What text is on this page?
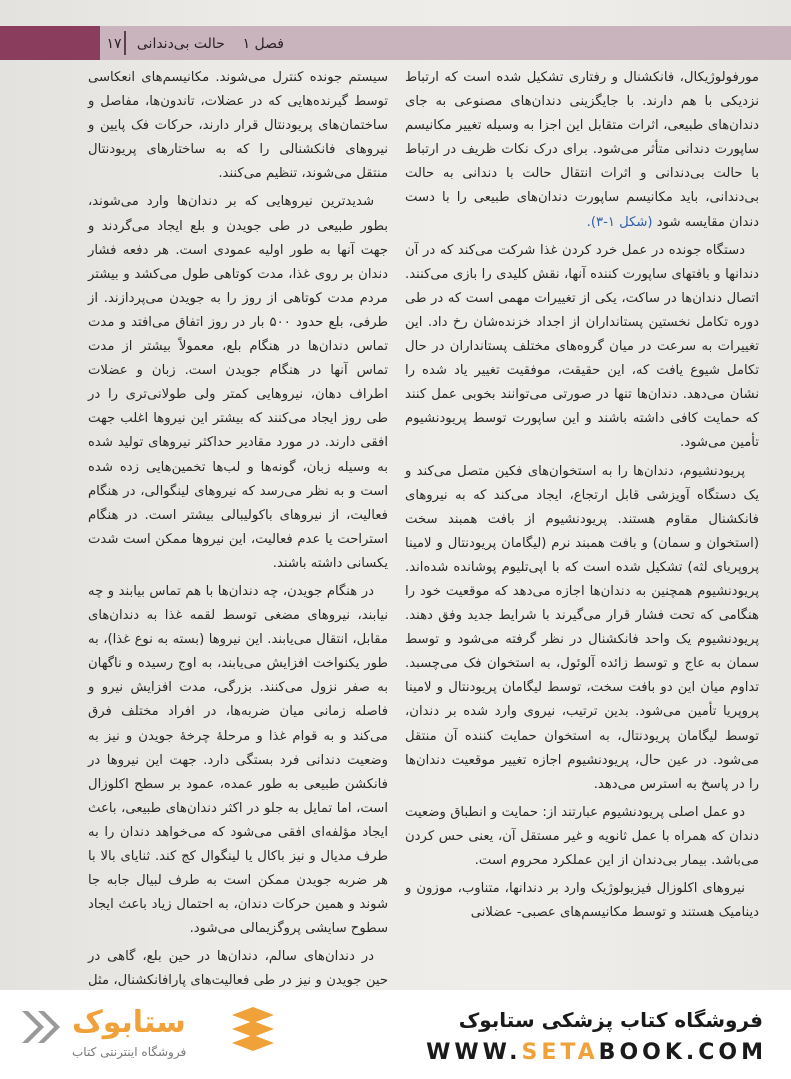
۱۷	فصل ۱    حالت بی‌دندانی

مورفولوژیکال، فانکشنال و رفتاری تشکیل شده است که ارتباط نزدیکی با هم دارند. با جایگزینی دندان‌های مصنوعی به جای دندان‌های طبیعی، اثرات متقابل این اجزا به وسیله تغییر مکانیسم ساپورت دندانی متأثر می‌شود. برای درک نکات ظریف در ارتباط با حالت بی‌دندانی و اثرات انتقال حالت با دندانی به حالت بی‌دندانی، باید مکانیسم ساپورت دندان‌های طبیعی را با دست دندان مقایسه شود (شکل ۱-۳).

دستگاه جونده در عمل خرد کردن غذا شرکت می‌کند که در آن دندانها و بافتهای ساپورت کننده آنها، نقش کلیدی را بازی می‌کنند. اتصال دندان‌ها در ساکت، یکی از تغییرات مهمی است که در طی دوره تکامل نخستین پستانداران از اجداد خزنده‌شان رخ داد. این تغییرات به سرعت در میان گروه‌های مختلف پستانداران در حال تکامل شیوع یافت که، این حقیقت، موفقیت تغییر یاد شده را نشان می‌دهد. دندان‌ها تنها در صورتی می‌توانند بخوبی عمل کنند که حمایت کافی داشته باشند و این ساپورت توسط پریودنشیوم تأمین می‌شود.

پریودنشیوم، دندان‌ها را به استخوان‌های فکین متصل می‌کند و یک دستگاه آویزشی قابل ارتجاع، ایجاد می‌کند که به نیروهای فانکشنال مقاوم هستند. پریودنشیوم از بافت همبند سخت (استخوان و سمان) و بافت همبند نرم (لیگامان پریودنتال و لامینا پروپریای لثه) تشکیل شده است که با اپی‌تلیوم پوشانده شده‌اند. پریودنشیوم همچنین به دندان‌ها اجازه می‌دهد که موقعیت خود را هنگامی که تحت فشار قرار می‌گیرند با شرایط جدید وفق دهند. پریودنشیوم یک واحد فانکشنال در نظر گرفته می‌شود و توسط سمان به عاج و توسط زائده آلوئول، به استخوان فک می‌چسبد. تداوم میان این دو بافت سخت، توسط لیگامان پریودنتال و لامینا پروپریا تأمین می‌شود. بدین ترتیب، نیروی وارد شده بر دندان، توسط لیگامان پریودنتال، به استخوان حمایت کننده آن منتقل می‌شود. در عین حال، پریودنشیوم اجازه تغییر موقعیت دندان‌ها را در پاسخ به استرس می‌دهد.

دو عمل اصلی پریودنشیوم عبارتند از: حمایت و انطباق وضعیت دندان که همراه با عمل ثانویه و غیر مستقل آن، یعنی حس کردن می‌باشد. بیمار بی‌دندان از این عملکرد محروم است.

نیروهای اکلوزال فیزیولوژیک وارد بر دندانها، متناوب، موزون و دینامیک هستند و توسط مکانیسم‌های عصبی- عضلانی

سیستم جونده کنترل می‌شوند. مکانیسم‌های انعکاسی توسط گیرنده‌هایی که در عضلات، تاندون‌ها، مفاصل و ساختمان‌های پریودنتال قرار دارند، حرکات فک پایین و نیروهای فانکشنالی را که به ساختارهای پریودنتال منتقل می‌شوند، تنظیم می‌کنند.

شدیدترین نیروهایی که بر دندان‌ها وارد می‌شوند، بطور طبیعی در طی جویدن و بلع ایجاد می‌گردند و جهت آنها به طور اولیه عمودی است. هر دفعه فشار دندان بر روی غذا، مدت کوتاهی طول می‌کشد و بیشتر مردم مدت کوتاهی از روز را به جویدن می‌پردازند. از طرفی، بلع حدود ۵۰۰ بار در روز اتفاق می‌افتد و مدت تماس دندان‌ها در هنگام بلع، معمولاً بیشتر از مدت تماس آنها در هنگام جویدن است. زبان و عضلات اطراف دهان، نیروهایی کمتر ولی طولانی‌تری را در طی روز ایجاد می‌کنند که بیشتر این نیروها اغلب جهت افقی دارند. در مورد مقادیر حداکثر نیروهای تولید شده به وسیله زبان، گونه‌ها و لب‌ها تخمین‌هایی زده شده است و به نظر می‌رسد که نیروهای لینگوالی، در هنگام فعالیت، از نیروهای باکولیبالی بیشتر است. در هنگام استراحت یا عدم فعالیت، این نیروها ممکن است شدت یکسانی داشته باشند.

در هنگام جویدن، چه دندان‌ها با هم تماس بیابند و چه نیابند، نیروهای مضغی توسط لقمه غذا به دندان‌های مقابل، انتقال می‌یابند. این نیروها (بسته به نوع غذا)، به طور یکنواخت افزایش می‌یابند، به اوج رسیده و ناگهان به صفر نزول می‌کنند. بزرگی، مدت افزایش نیرو و فاصله زمانی میان ضربه‌ها، در افراد مختلف فرق می‌کند و به قوام غذا و مرحلهٔ چرخهٔ جویدن و نیز به وضعیت دندانی فرد بستگی دارد. جهت این نیروها در فانکشن طبیعی به طور عمده، عمود بر سطح اکلوزال است، اما تمایل به جلو در اکثر دندان‌های طبیعی، باعث ایجاد مؤلفه‌ای افقی می‌شود که می‌خواهد دندان را به طرف مدیال و نیز باکال یا لینگوال کج کند. ثنایای بالا با هر ضربه جویدن ممکن است به طرف لبیال جابه جا شوند و همین حرکات دندان، به احتمال زیاد باعث ایجاد سطوح سایشی پروگزیمالی می‌شود.

در دندان‌های سالم، دندان‌ها در حین بلع، گاهی در حین جویدن و نیز در طی فعالیت‌های پارافانکشنال، مثل

ستابوک
فروشگاه اینترنتی کتاب
فروشگاه کتاب پزشکی ستابوک
WWW.SETABOOK.COM
